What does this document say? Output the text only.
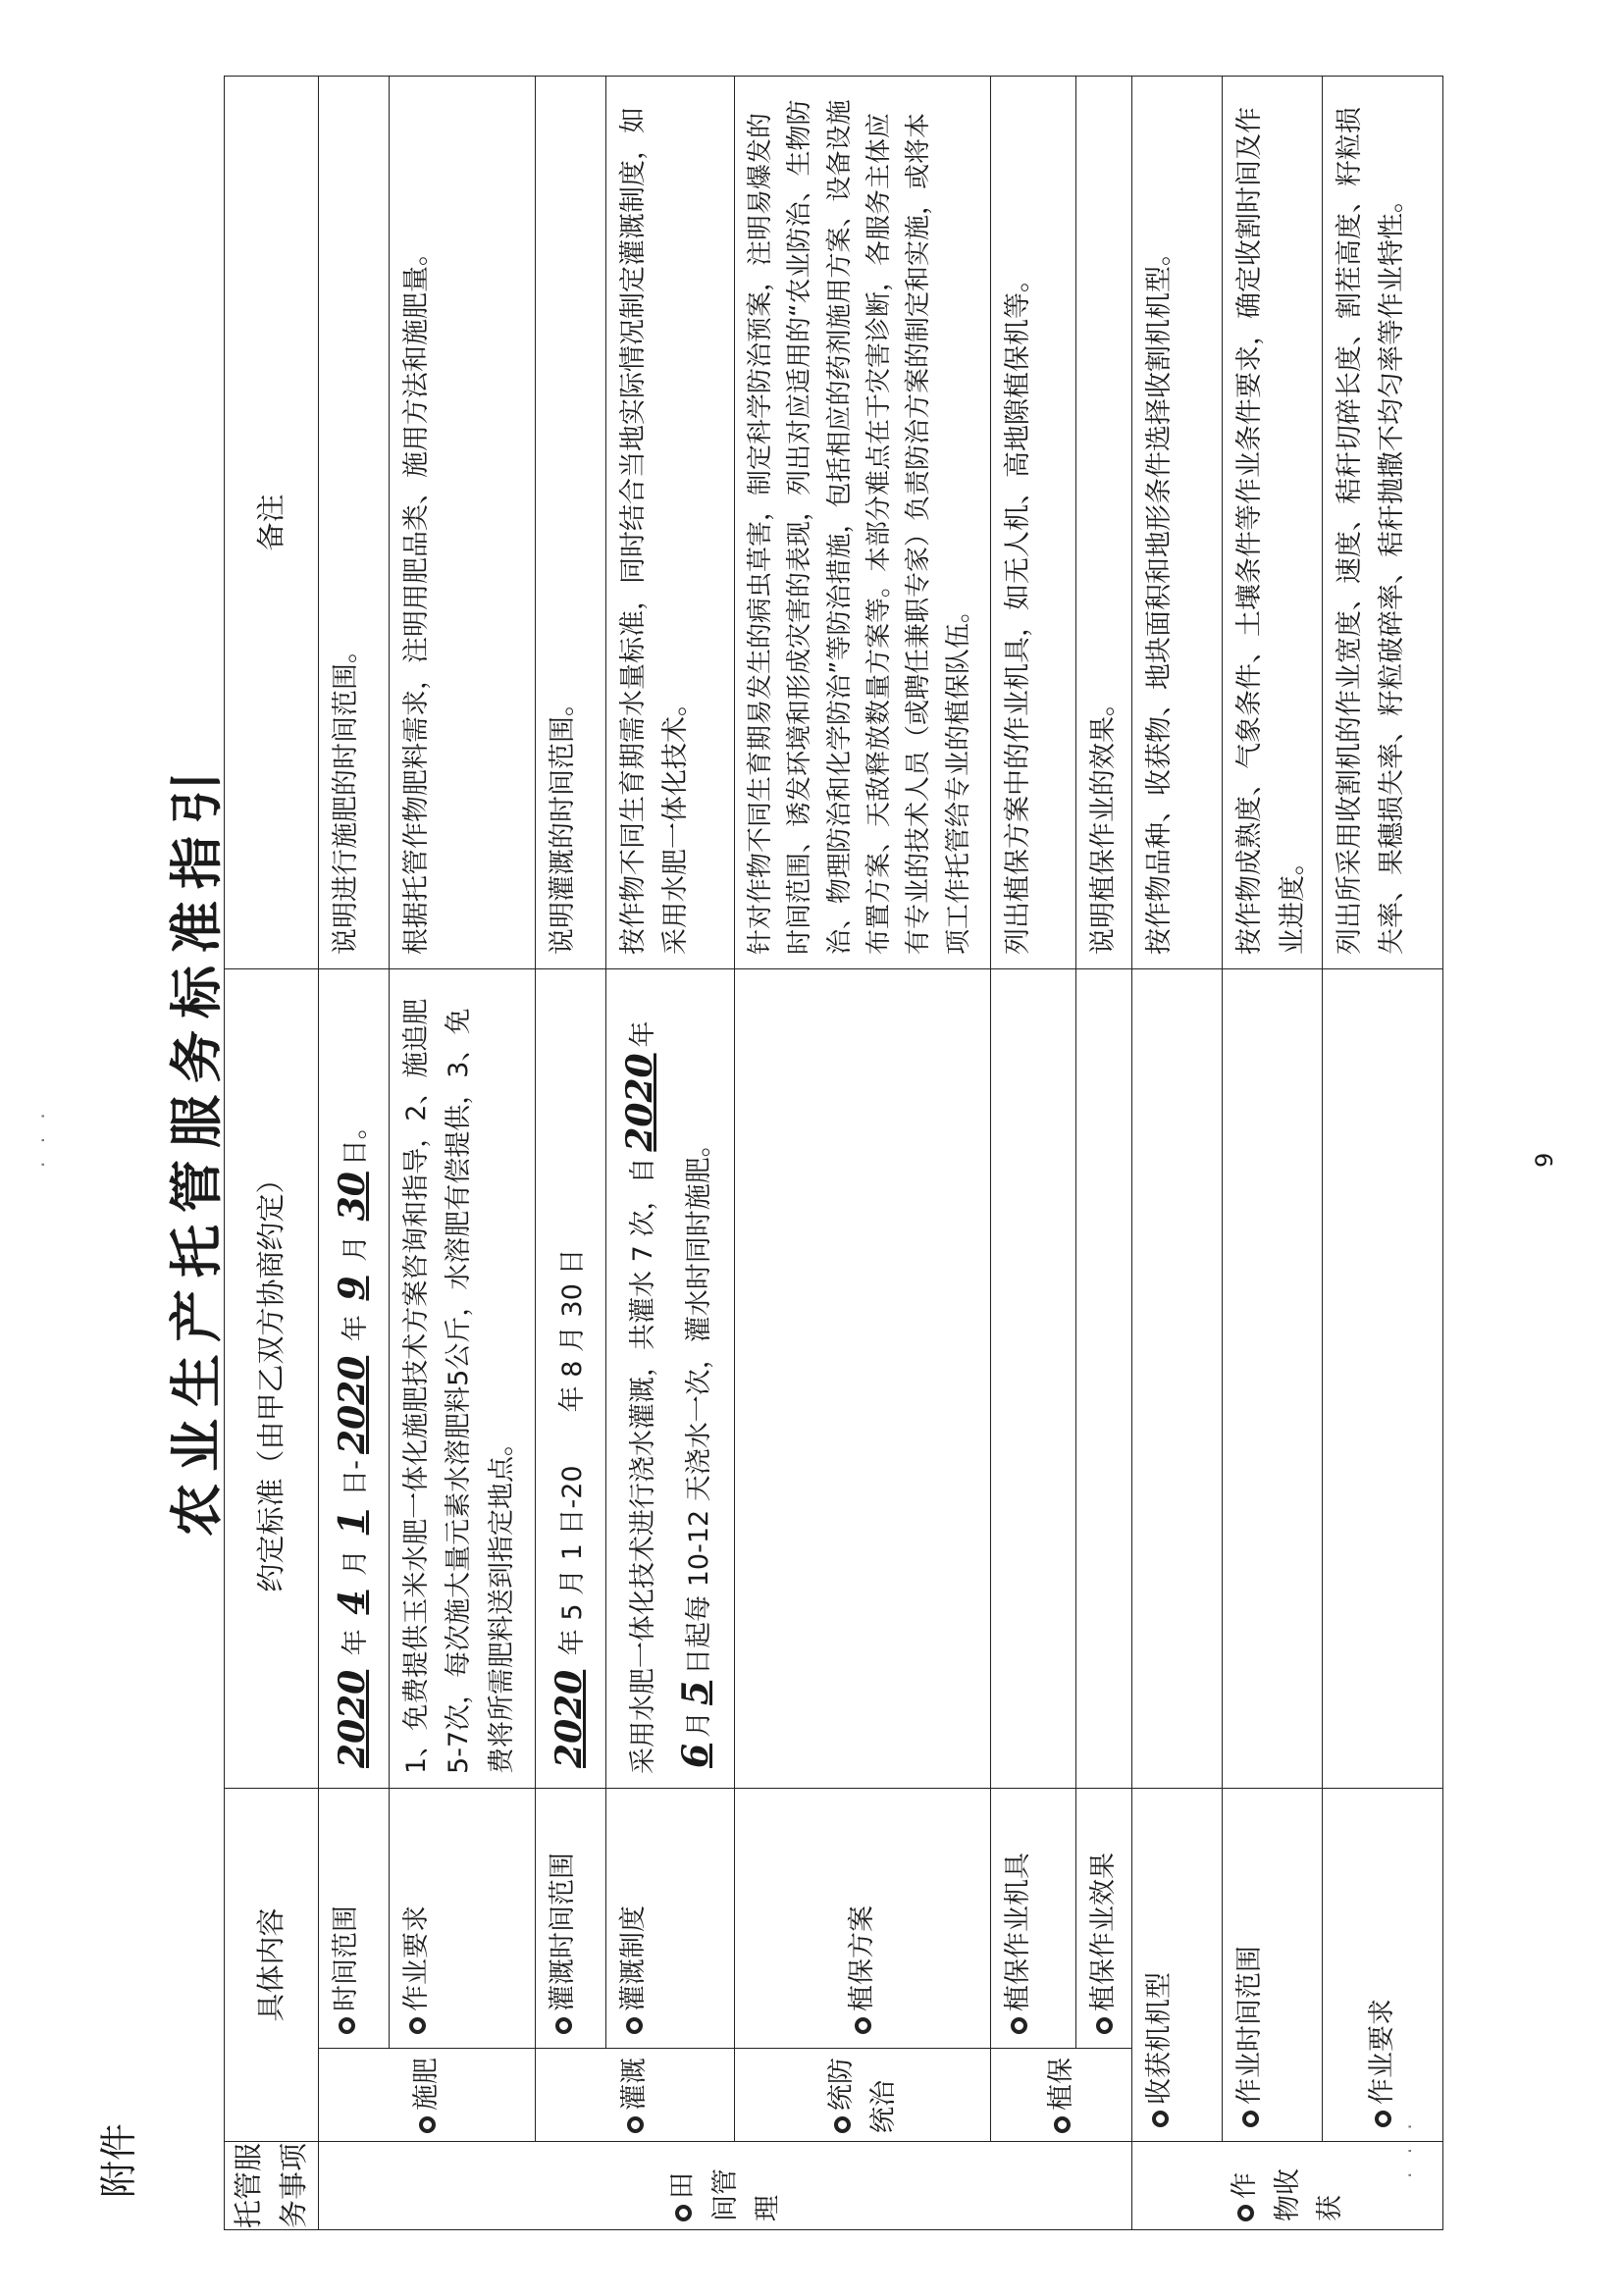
· · ·
· · ·
附件
农业生产托管服务标准指引
托管服务事项	具体内容		约定标准（由甲乙双方协商约定）	备注
田间管理	施肥	时间范围	2020 年 4 月 1 日-2020 年 9 月 30日。	说明进行施肥的时间范围。
		作业要求	1、免费提供玉米水肥一体化施肥技术方案咨询和指导，2、施追肥5-7次，每次施大量元素水溶肥料5公斤，水溶肥有偿提供，3、免费将所需肥料送到指定地点。	根据托管作物肥料需求，注明用肥品类、施用方法和施肥量。
	灌溉	灌溉时间范围	2020 年 5 月 1 日-20　　年 8 月 30 日	说明灌溉的时间范围。
		灌溉制度	采用水肥一体化技术进行浇水灌溉，共灌水 7 次，自2020年 6月5日起每 10-12 天浇水一次，灌水时同时施肥。	按作物不同生育期需水量标准，同时结合当地实际情况制定灌溉制度，如采用水肥一体化技术。
	统防统治	植保方案		针对作物不同生育期易发生的病虫草害，制定科学防治预案，注明易爆发的时间范围、诱发环境和形成灾害的表现，列出对应适用的“农业防治、生物防治、物理防治和化学防治”等防治措施，包括相应的药剂施用方案、设备设施布置方案、天敌释放数量方案等。本部分难点在于灾害诊断，各服务主体应有专业的技术人员（或聘任兼职专家）负责防治方案的制定和实施，或将本项工作托管给专业的植保队伍。
	植保	植保作业机具		列出植保方案中的作业机具，如无人机、高地隙植保机等。
		植保作业效果		说明植保作业的效果。
作物收获	收获机机型			按作物品种、收获物、地块面积和地形条件选择收割机机型。
	作业时间范围			按作物成熟度、气象条件、土壤条件等作业条件要求，确定收割时间及作业进度。
	作业要求			列出所采用收割机的作业宽度、速度、秸秆切碎长度、割茬高度、籽粒损失率、果穗损失率、籽粒破碎率、秸秆抛撒不均匀率等作业特性。
9
